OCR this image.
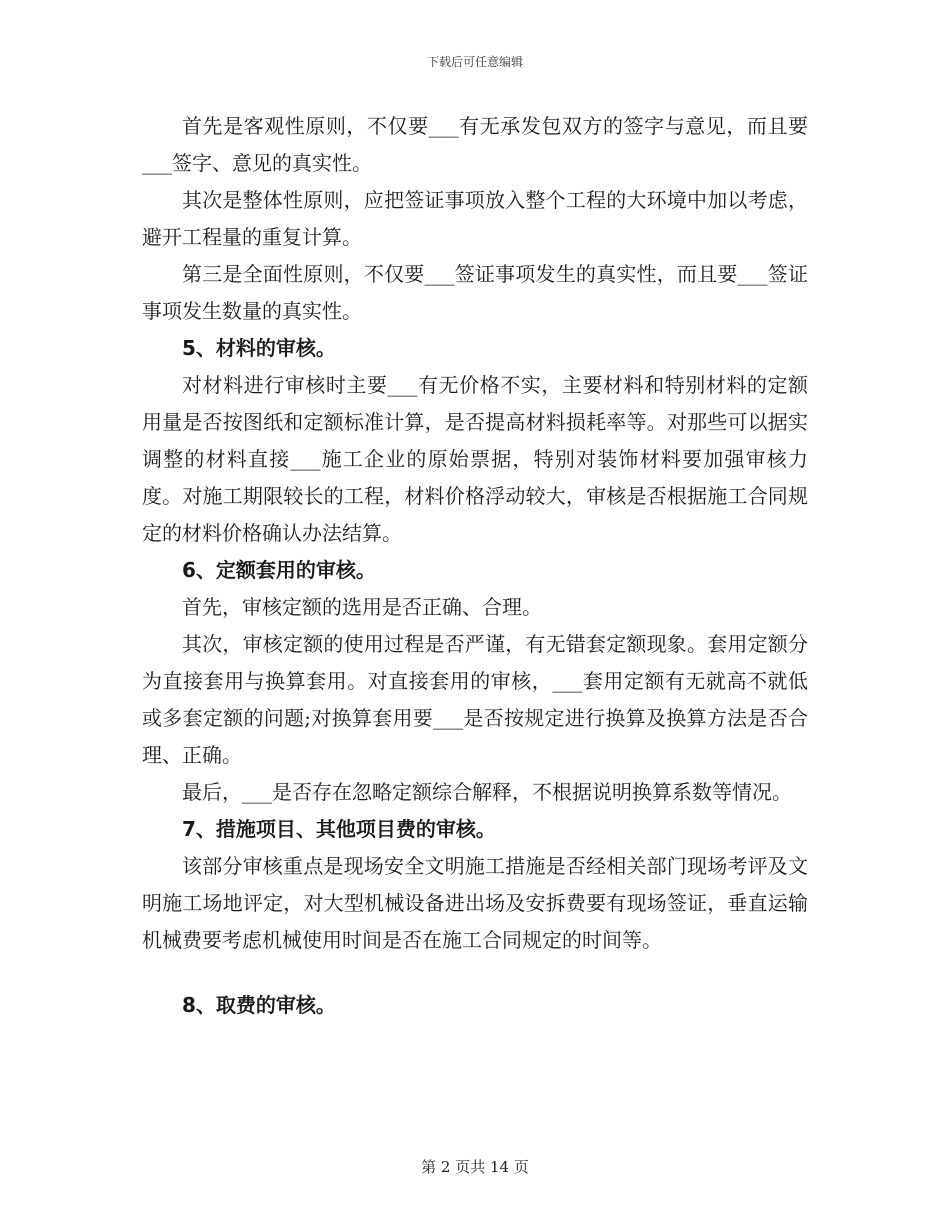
下载后可任意编辑

首先是客观性原则，不仅要___有无承发包双方的签字与意见，而且要___签字、意见的真实性。

其次是整体性原则，应把签证事项放入整个工程的大环境中加以考虑，避开工程量的重复计算。

第三是全面性原则，不仅要___签证事项发生的真实性，而且要___签证事项发生数量的真实性。

5、材料的审核。

对材料进行审核时主要___有无价格不实，主要材料和特别材料的定额用量是否按图纸和定额标准计算，是否提高材料损耗率等。对那些可以据实调整的材料直接___施工企业的原始票据，特别对装饰材料要加强审核力度。对施工期限较长的工程，材料价格浮动较大，审核是否根据施工合同规定的材料价格确认办法结算。

6、定额套用的审核。

首先，审核定额的选用是否正确、合理。

其次，审核定额的使用过程是否严谨，有无错套定额现象。套用定额分为直接套用与换算套用。对直接套用的审核，___套用定额有无就高不就低或多套定额的问题;对换算套用要___是否按规定进行换算及换算方法是否合理、正确。

最后，___是否存在忽略定额综合解释，不根据说明换算系数等情况。

7、措施项目、其他项目费的审核。

该部分审核重点是现场安全文明施工措施是否经相关部门现场考评及文明施工场地评定，对大型机械设备进出场及安拆费要有现场签证，垂直运输机械费要考虑机械使用时间是否在施工合同规定的时间等。

8、取费的审核。

第 2 页共 14 页
